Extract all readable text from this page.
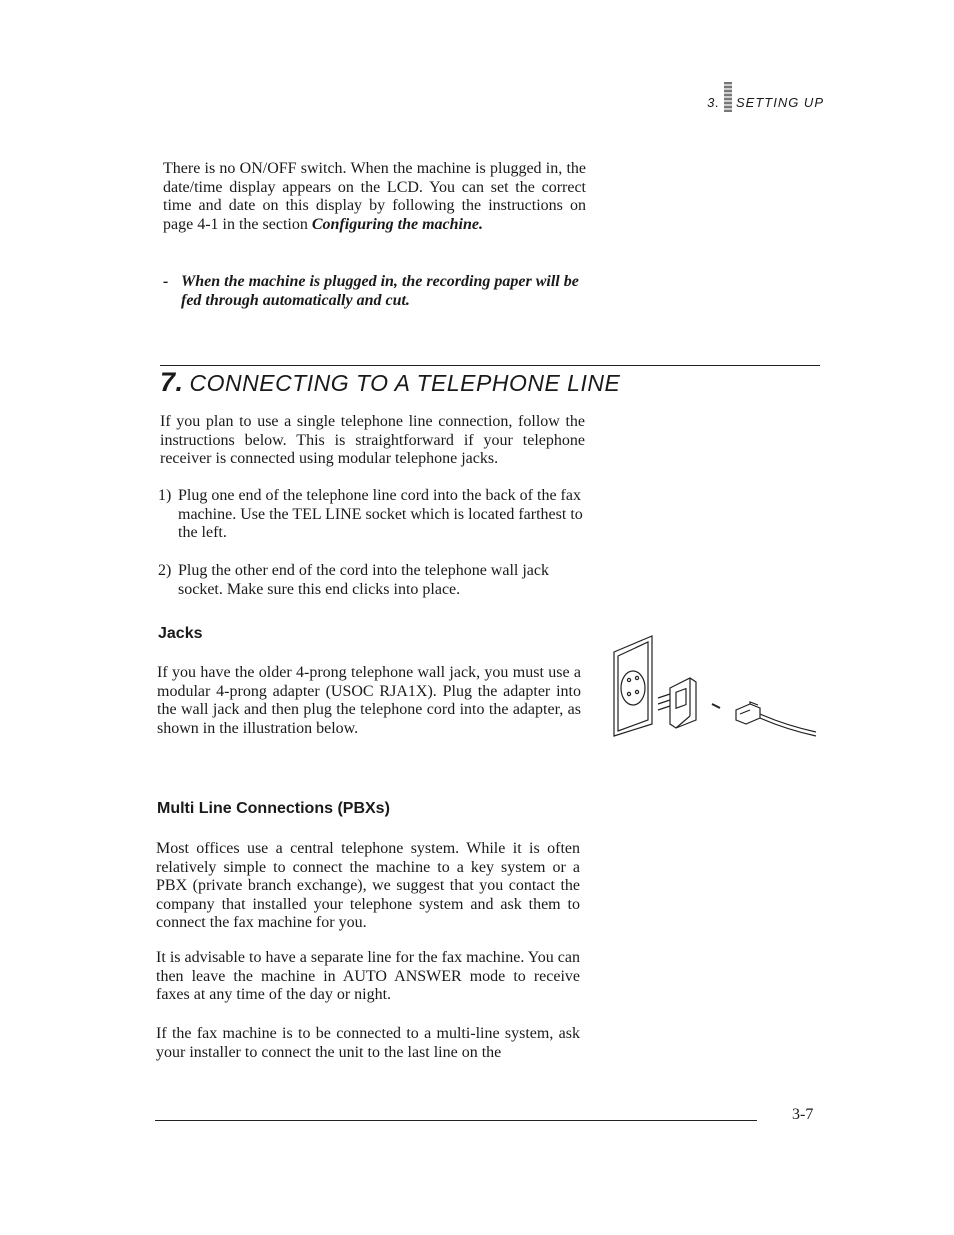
3. SETTING UP
There is no ON/OFF switch. When the machine is plugged in, the date/time display appears on the LCD. You can set the correct time and date on this display by following the instructions on page 4-1 in the section Configuring the machine.
- When the machine is plugged in, the recording paper will be fed through automatically and cut.
7. CONNECTING TO A TELEPHONE LINE
If you plan to use a single telephone line connection, follow the instructions below. This is straightforward if your telephone receiver is connected using modular telephone jacks.
1) Plug one end of the telephone line cord into the back of the fax machine. Use the TEL LINE socket which is located farthest to the left.
2) Plug the other end of the cord into the telephone wall jack socket. Make sure this end clicks into place.
Jacks
If you have the older 4-prong telephone wall jack, you must use a modular 4-prong adapter (USOC RJA1X). Plug the adapter into the wall jack and then plug the telephone cord into the adapter, as shown in the illustration below.
Multi Line Connections (PBXs)
Most offices use a central telephone system. While it is often relatively simple to connect the machine to a key system or a PBX (private branch exchange), we suggest that you contact the company that installed your telephone system and ask them to connect the fax machine for you.
It is advisable to have a separate line for the fax machine. You can then leave the machine in AUTO ANSWER mode to receive faxes at any time of the day or night.
If the fax machine is to be connected to a multi-line system, ask your installer to connect the unit to the last line on the
3-7
